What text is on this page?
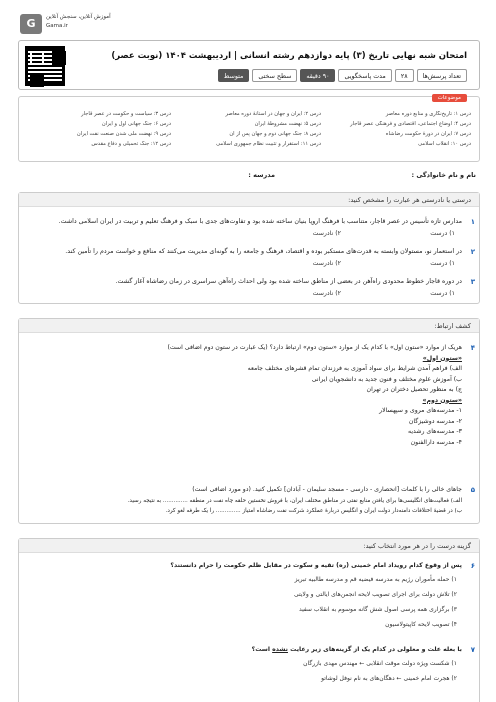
G	آموزش آنلاین، سنجش آنلاین
Gama.ir
امتحان شبه نهایی تاریخ (۳) پایه دوازدهم رشته انسانی | اردیبهشت ۱۴۰۴ (نوبت عصر)
تعداد پرسش‌ها
۲۸
مدت پاسخگویی
۹۰ دقیقه
سطح سختی
متوسط
موضوعات
درس ۱: تاریخ‌نگاری و منابع دوره معاصر
درس ۲: ایران و جهان در آستانهٔ دوره معاصر
درس ۳: سیاست و حکومت در عصر قاجار
درس ۴: اوضاع اجتماعی، اقتصادی و فرهنگی عصر قاجار
درس ۵: نهضت مشروطهٔ ایران
درس ۶: جنگ جهانی اول و ایران
درس ۷: ایران در دورهٔ حکومت رضاشاه
درس ۸: جنگ جهانی دوم و جهان پس از آن
درس ۹: نهضت ملی شدن صنعت نفت ایران
درس ۱۰: انقلاب اسلامی
درس ۱۱: استقرار و تثبیت نظام جمهوری اسلامی
درس ۱۲: جنگ تحمیلی و دفاع مقدس
نام و نام خانوادگی :
مدرسه :
درستی یا نادرستی هر عبارت را مشخص کنید:
۱
مدارس تازه تأسیس در عصر قاجار، متناسب با فرهنگ اروپا بنیان ساخته شده بود و تفاوت‌های جدی با سبک و فرهنگ تعلیم و تربیت در ایران اسلامی داشت.
۱) درست
۲) نادرست
۲
در استعمار نو، مستولان وابسته به قدرت‌های مستکبر بوده و اقتصاد، فرهنگ و جامعه را به گونه‌ای مدیریت می‌کنند که منافع و خواست مردم را تأمین کند.
۱) درست
۲) نادرست
۳
در دوره قاجار خطوط محدودی راه‌آهن در بعضی از مناطق ساخته شده بود ولی احداث راه‌آهن سراسری در زمان رضاشاه آغاز گشت.
۱) درست
۲) نادرست
کشف ارتباط:
۴
هریک از موارد «ستون اول» با کدام یک از موارد «ستون دوم» ارتباط دارد؟ (یک عبارت در ستون دوم اضافی است)
«ستون اول»
الف) فراهم آمدن شرایط برای سواد آموزی به فرزندان تمام قشرهای مختلف جامعه
ب) آموزش علوم مختلف و فنون جدید به دانشجویان ایرانی
ج) به منظور تحصیل دختران در تهران
«ستون دوم»
۱- مدرسه‌های مروی و سپهسالار
۲- مدرسه دوشیزگان
۳- مدرسه‌های رشدیه
۴- مدرسه دارالفنون
۵
جاهای خالی را با کلمات [انحصاری - دارسی - مسجد سلیمان - آبادان] تکمیل کنید. (دو مورد اضافی است)
الف) فعالیت‌های انگلیسی‌ها برای یافتن منابع نفتی در مناطق مختلف ایران، با فروش نخستین حلقه چاه نفت در منطقه .............. به نتیجه رسید.
ب) در قضیهٔ اختلافات دامنه‌دار دولت ایران و انگلیس دربارهٔ عملکرد شرکت نفت رضاشاه امتیاز .............. را یک طرفه لغو کرد.
گزینه درست را در هر مورد انتخاب کنید:
۶
پس از وقوع کدام رویداد امام خمینی (ره) تقیه و سکوت در مقابل ظلم حکومت را حرام دانستند؟
۱) حمله مأموران رژیم به مدرسه فیضیه قم و مدرسه طالبیه تبریز
۲) تلاش دولت برای اجرای تصویب لایحه انجمن‌های ایالتی و ولایتی
۳) برگزاری همه پرسی اصول شش گانه موسوم به انقلاب سفید
۴) تصویب لایحه کاپیتولاسیون
۷
با بعله علت و معلولی در کدام یک از گزینه‌های زیر رعایت نشده است؟
۱) شکست ویژه دولت موقت انقلابی ← مهندس مهدی بازرگان
۲) هجرت امام خمینی ← دهگان‌های به نام نوفل لوشاتو
